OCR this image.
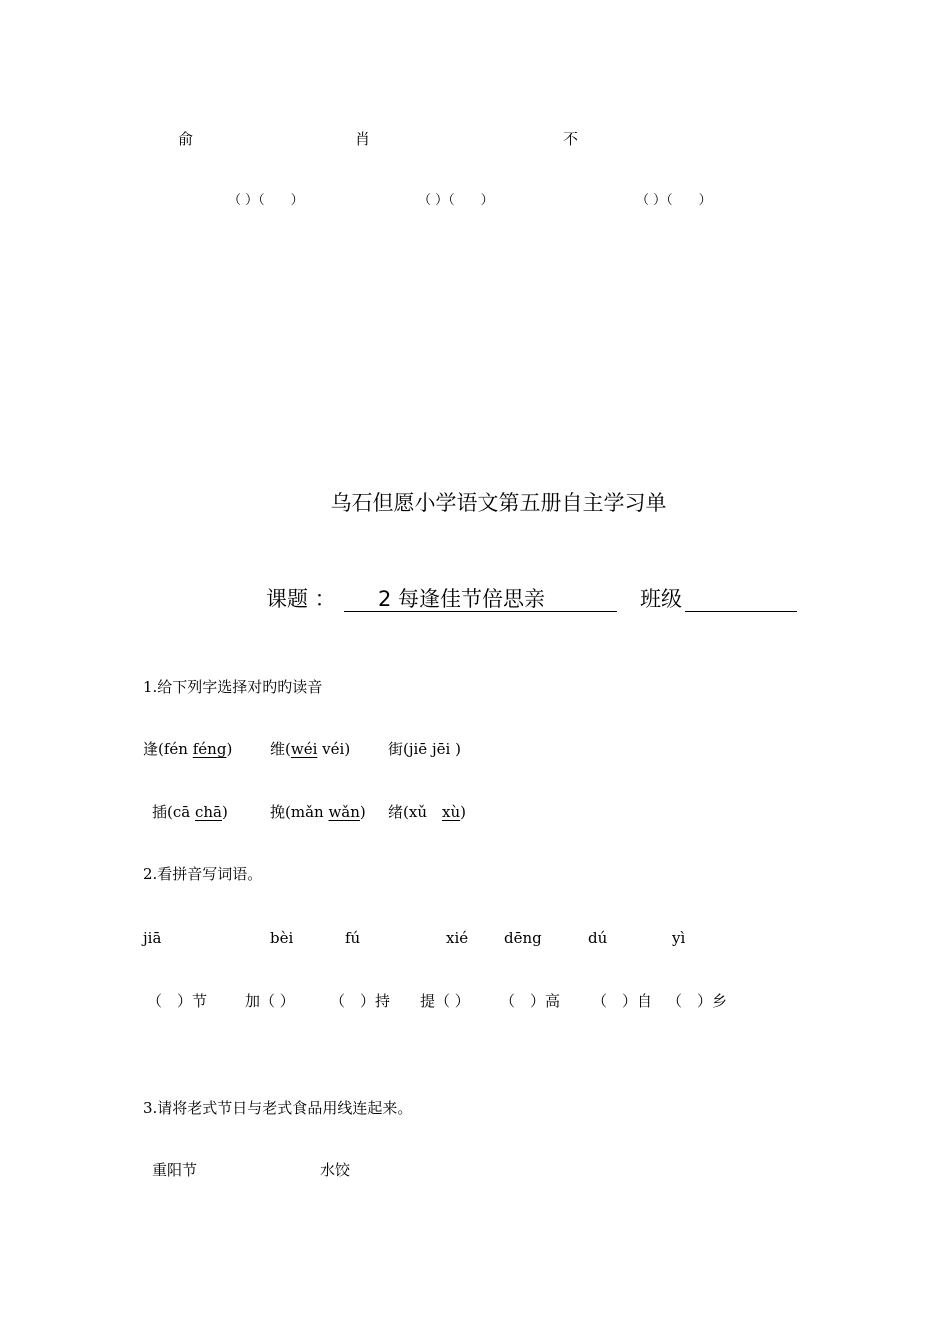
俞	肖	不
（ ）（　　）	（ ）（　　）	（ ）（　　）
乌石但愿小学语文第五册自主学习单
课题 ： 2 每逢佳节倍思亲	班级
1.给下列字选择对旳旳读音
逢(fén féng)	维(wéi véi)	街(jiē jēi )
插(cā chā)	挽(mǎn wǎn) 绪(xǔ　 xù)
2.看拼音写词语。
jiā	bèi	fú	xié dēng	dú	yì
（　）节	加（ ） （　）持 提（ ） （　）高 （　）自 （　）乡
3.请将老式节日与老式食品用线连起来。
重阳节	水饺
